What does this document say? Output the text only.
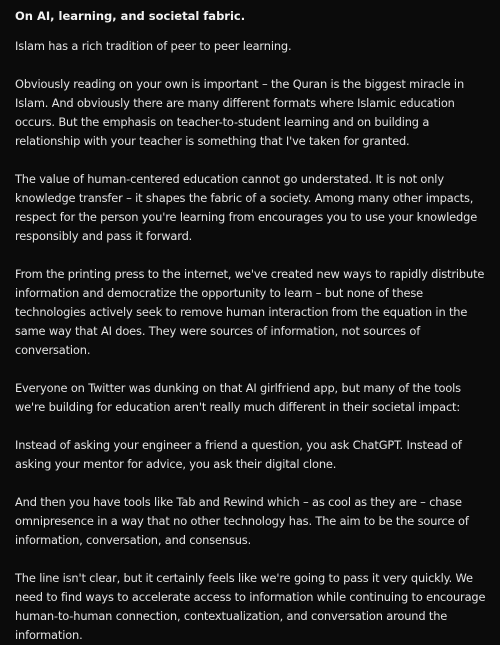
On AI, learning, and societal fabric.

Islam has a rich tradition of peer to peer learning.

Obviously reading on your own is important – the Quran is the biggest miracle in Islam. And obviously there are many different formats where Islamic education occurs. But the emphasis on teacher-to-student learning and on building a relationship with your teacher is something that I've taken for granted.

The value of human-centered education cannot go understated. It is not only knowledge transfer – it shapes the fabric of a society. Among many other impacts, respect for the person you're learning from encourages you to use your knowledge responsibly and pass it forward.

From the printing press to the internet, we've created new ways to rapidly distribute information and democratize the opportunity to learn – but none of these technologies actively seek to remove human interaction from the equation in the same way that AI does. They were sources of information, not sources of conversation.

Everyone on Twitter was dunking on that AI girlfriend app, but many of the tools we're building for education aren't really much different in their societal impact:

Instead of asking your engineer a friend a question, you ask ChatGPT. Instead of asking your mentor for advice, you ask their digital clone.

And then you have tools like Tab and Rewind which – as cool as they are – chase omnipresence in a way that no other technology has. The aim to be the source of information, conversation, and consensus.

The line isn't clear, but it certainly feels like we're going to pass it very quickly. We need to find ways to accelerate access to information while continuing to encourage human-to-human connection, contextualization, and conversation around the information.
